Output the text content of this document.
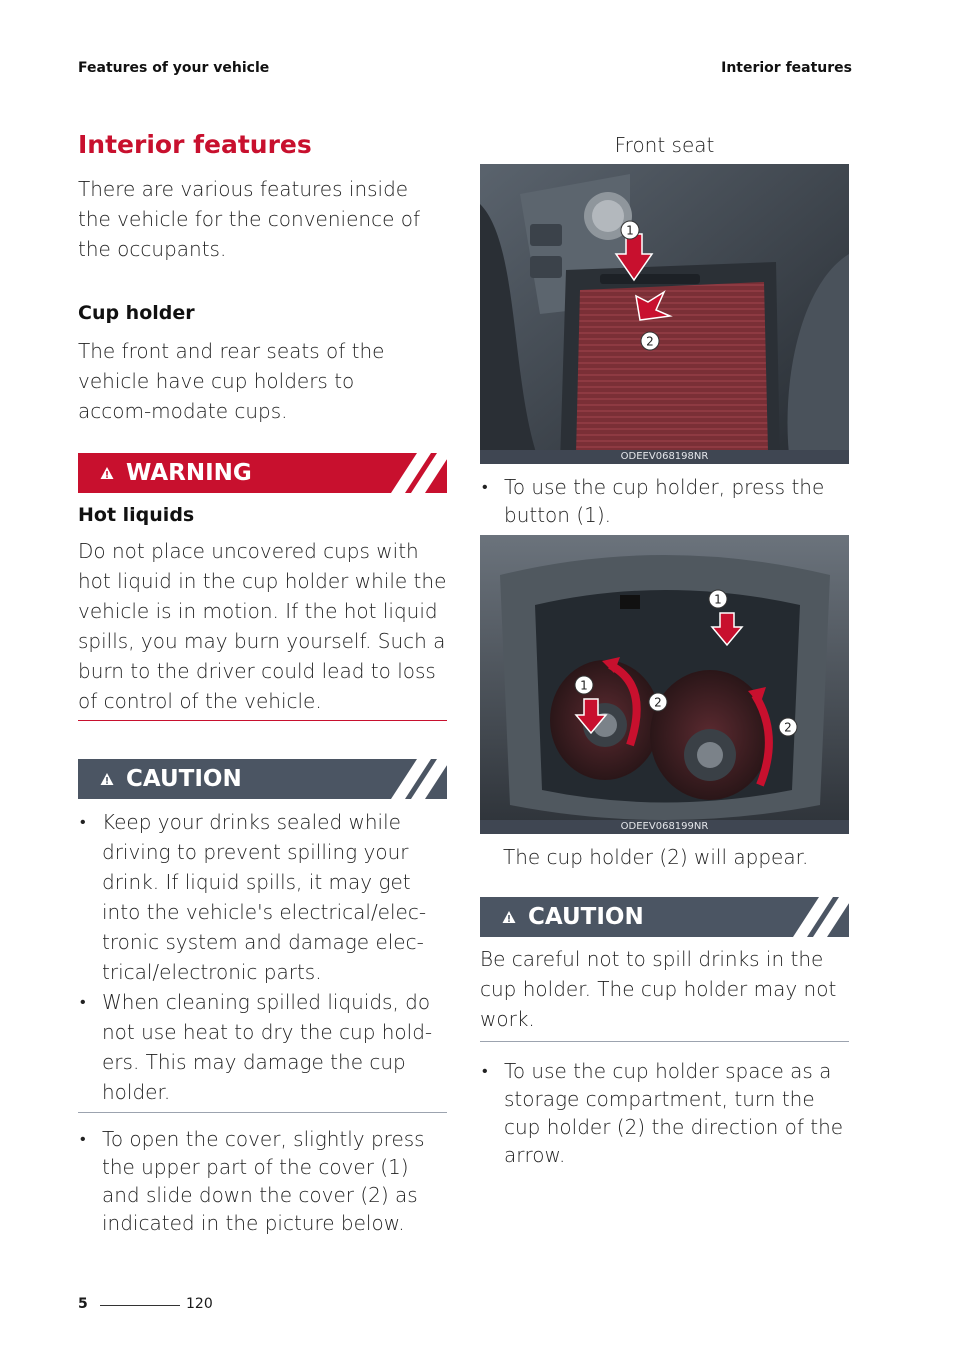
Features of your vehicle	Interior features
Interior features
There are various features inside the vehicle for the convenience of the occupants.
Cup holder
The front and rear seats of the vehicle have cup holders to accom-modate cups.
WARNING
Hot liquids
Do not place uncovered cups with hot liquid in the cup holder while the vehicle is in motion. If the hot liquid spills, you may burn yourself. Such a burn to the driver could lead to loss of control of the vehicle.
CAUTION
• Keep your drinks sealed while driving to prevent spilling your drink. If liquid spills, it may get into the vehicle's electrical/elec-tronic system and damage elec-trical/electronic parts.
• When cleaning spilled liquids, do not use heat to dry the cup hold-ers. This may damage the cup holder.
• To open the cover, slightly press the upper part of the cover (1) and slide down the cover (2) as indicated in the picture below.
Front seat
1
2
ODEEV068198NR
• To use the cup holder, press the button (1).
1
1
2
2
ODEEV068199NR
The cup holder (2) will appear.
CAUTION
Be careful not to spill drinks in the cup holder. The cup holder may not work.
• To use the cup holder space as a storage compartment, turn the cup holder (2) the direction of the arrow.
5	120
